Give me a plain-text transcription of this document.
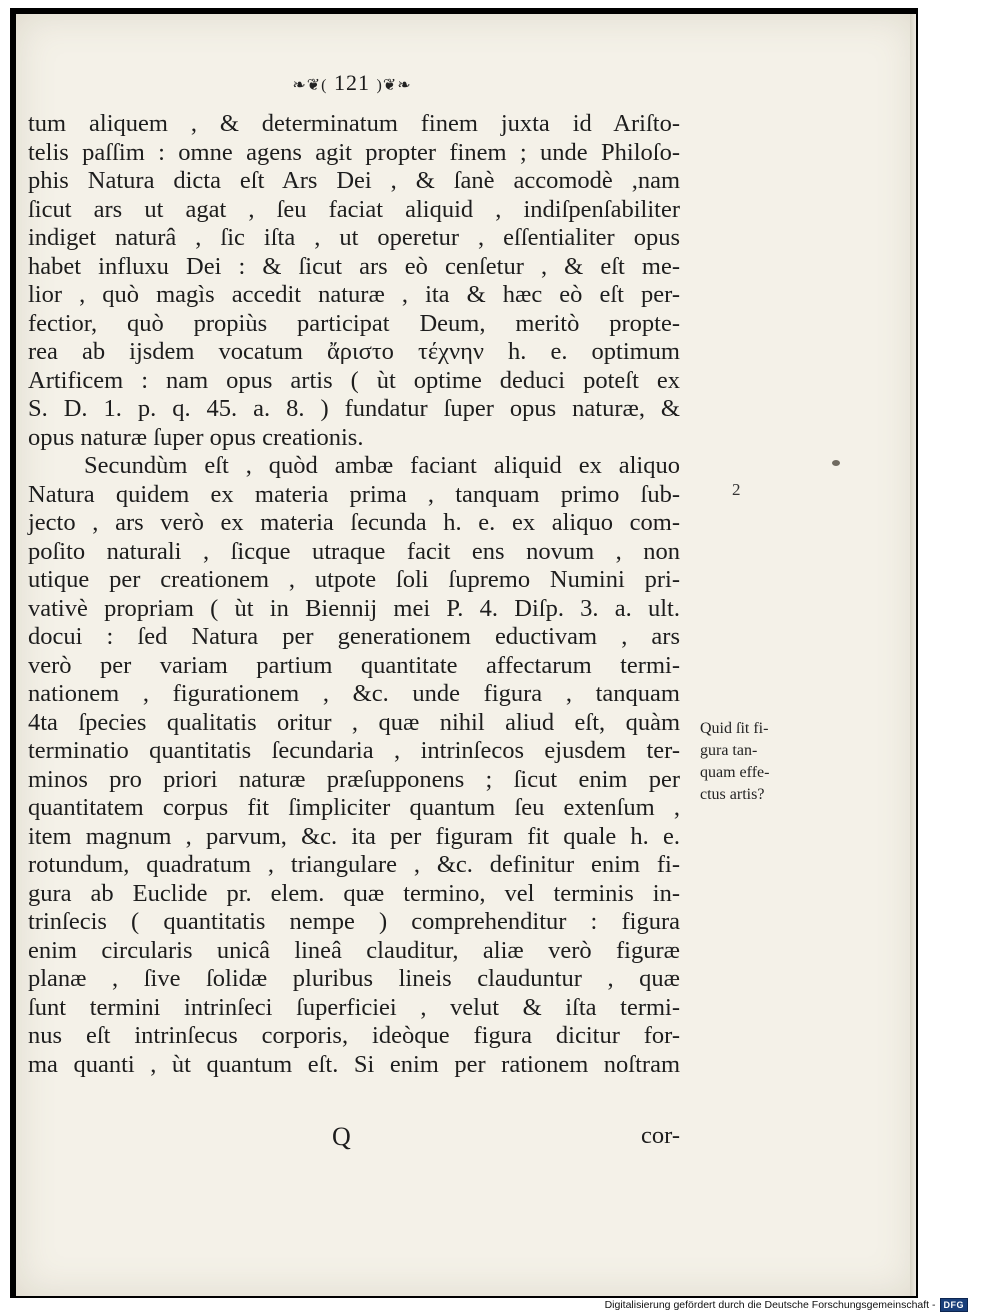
❧❦( 121 )❦❧
tum aliquem , & determinatum finem juxta id Ariſto-
telis paſſim : omne agens agit propter finem ; unde Philoſo-
phis Natura dicta eſt Ars Dei , & ſanè accomodè ,nam
ſicut ars ut agat , ſeu faciat aliquid , indiſpenſabiliter
indiget naturâ , ſic iſta , ut operetur , eſſentialiter opus
habet influxu Dei : & ſicut ars eò cenſetur , & eſt me-
lior , quò magìs accedit naturæ , ita & hæc eò eſt per-
fectior, quò propiùs participat Deum, meritò propte-
rea ab ijsdem vocatum ἄριστο τέχνην h. e. optimum
Artificem : nam opus artis ( ùt optime deduci poteſt ex
S. D. 1. p. q. 45. a. 8. ) fundatur ſuper opus naturæ, &
opus naturæ ſuper opus creationis.
Secundùm eſt , quòd ambæ faciant aliquid ex aliquo
Natura quidem ex materia prima , tanquam primo ſub-
jecto , ars verò ex materia ſecunda h. e. ex aliquo com-
poſito naturali , ſicque utraque facit ens novum , non
utique per creationem , utpote ſoli ſupremo Numini pri-
vativè propriam ( ùt in Biennij mei P. 4. Diſp. 3. a. ult.
docui : ſed Natura per generationem eductivam , ars
verò per variam partium quantitate affectarum termi-
nationem , figurationem , &c. unde figura , tanquam
4ta ſpecies qualitatis oritur , quæ nihil aliud eſt, quàm
terminatio quantitatis ſecundaria , intrinſecos ejusdem ter-
minos pro priori naturæ præſupponens ; ſicut enim per
quantitatem corpus fit ſimpliciter quantum ſeu extenſum ,
item magnum , parvum, &c. ita per figuram fit quale h. e.
rotundum, quadratum , triangulare , &c. definitur enim fi-
gura ab Euclide pr. elem. quæ termino, vel terminis in-
trinſecis ( quantitatis nempe ) comprehenditur : figura
enim circularis unicâ lineâ clauditur, aliæ verò figuræ
planæ , ſive ſolidæ pluribus lineis clauduntur , quæ
ſunt termini intrinſeci ſuperficiei , velut & iſta termi-
nus eſt intrinſecus corporis, ideòque figura dicitur for-
ma quanti , ùt quantum eſt. Si enim per rationem noſtram
Q	cor-
2
Quid ſit fi-
gura tan-
quam effe-
ctus artis?
Digitalisierung gefördert durch die Deutsche Forschungsgemeinschaft - DFG
